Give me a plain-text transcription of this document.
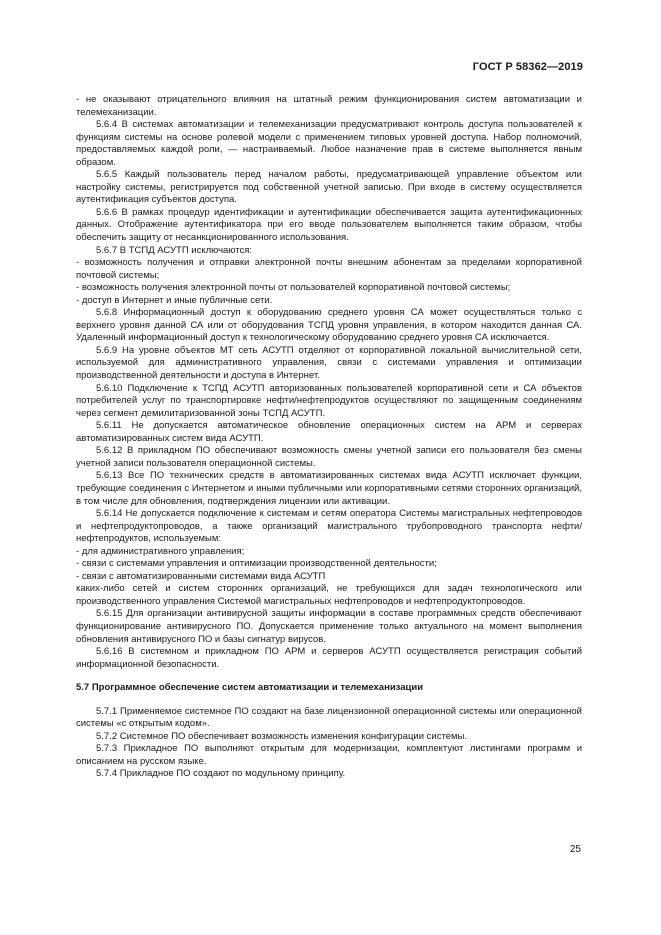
ГОСТ Р 58362—2019

- не оказывают отрицательного влияния на штатный режим функционирования систем автоматизации и телемеханизации.

5.6.4 В системах автоматизации и телемеханизации предусматривают контроль доступа пользователей к функциям системы на основе ролевой модели с применением типовых уровней доступа. Набор полномочий, предоставляемых каждой роли, — настраиваемый. Любое назначение прав в системе выполняется явным образом.

5.6.5 Каждый пользователь перед началом работы, предусматривающей управление объектом или настройку системы, регистрируется под собственной учетной записью. При входе в систему осуществляется аутентификация субъектов доступа.

5.6.6 В рамках процедур идентификации и аутентификации обеспечивается защита аутентификационных данных. Отображение аутентификатора при его вводе пользователем выполняется таким образом, чтобы обеспечить защиту от несанкционированного использования.

5.6.7 В ТСПД АСУТП исключаются:

- возможность получения и отправки электронной почты внешним абонентам за пределами корпоративной почтовой системы;

- возможность получения электронной почты от пользователей корпоративной почтовой системы;

- доступ в Интернет и иные публичные сети.

5.6.8 Информационный доступ к оборудованию среднего уровня СА может осуществляться только с верхнего уровня данной СА или от оборудования ТСПД уровня управления, в котором находится данная СА. Удаленный информационный доступ к технологическому оборудованию среднего уровня СА исключается.

5.6.9 На уровне объектов МТ сеть АСУТП отделяют от корпоративной локальной вычислительной сети, используемой для административного управления, связи с системами управления и оптимизации производственной деятельности и доступа в Интернет.

5.6.10 Подключение к ТСПД АСУТП авторизованных пользователей корпоративной сети и СА объектов потребителей услуг по транспортировке нефти/нефтепродуктов осуществляют по защищенным соединениям через сегмент демилитаризованной зоны ТСПД АСУТП.

5.6.11 Не допускается автоматическое обновление операционных систем на АРМ и серверах автоматизированных систем вида АСУТП.

5.6.12 В прикладном ПО обеспечивают возможность смены учетной записи его пользователя без смены учетной записи пользователя операционной системы.

5.6.13 Все ПО технических средств в автоматизированных системах вида АСУТП исключает функции, требующие соединения с Интернетом и иными публичными или корпоративными сетями сторонних организаций, в том числе для обновления, подтверждения лицензии или активации.

5.6.14 Не допускается подключение к системам и сетям оператора Системы магистральных нефтепроводов и нефтепродуктопроводов, а также организаций магистрального трубопроводного транспорта нефти/нефтепродуктов, используемым:

- для административного управления;

- связи с системами управления и оптимизации производственной деятельности;

- связи с автоматизированными системами вида АСУТП

каких-либо сетей и систем сторонних организаций, не требующихся для задач технологического или производственного управления Системой магистральных нефтепроводов и нефтепродуктопроводов.

5.6.15 Для организации антивирусной защиты информации в составе программных средств обеспечивают функционирование антивирусного ПО. Допускается применение только актуального на момент выполнения обновления антивирусного ПО и базы сигнатур вирусов.

5.6.16 В системном и прикладном ПО АРМ и серверов АСУТП осуществляется регистрация событий информационной безопасности.

5.7 Программное обеспечение систем автоматизации и телемеханизации

5.7.1 Применяемое системное ПО создают на базе лицензионной операционной системы или операционной системы «с открытым кодом».

5.7.2 Системное ПО обеспечивает возможность изменения конфигурации системы.

5.7.3 Прикладное ПО выполняют открытым для модернизации, комплектуют листингами программ и описанием на русском языке.

5.7.4 Прикладное ПО создают по модульному принципу.

25
